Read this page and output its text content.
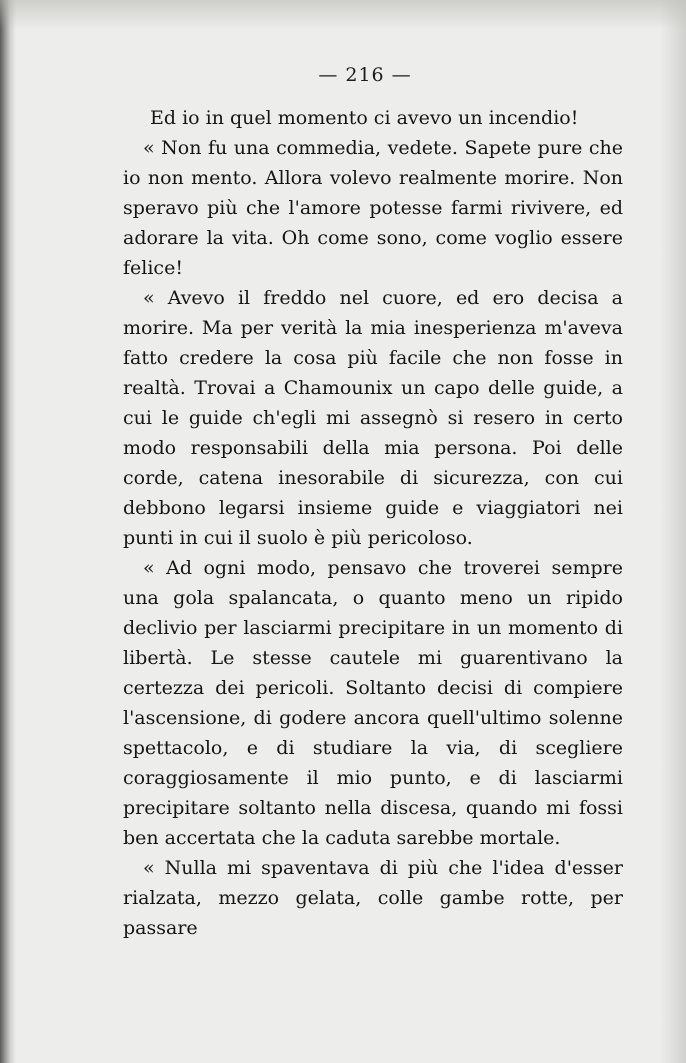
— 216 —

Ed io in quel momento ci avevo un incendio!

« Non fu una commedia, vedete. Sapete pure che io non mento. Allora volevo realmente morire. Non speravo più che l'amore potesse farmi rivivere, ed adorare la vita. Oh come sono, come voglio essere felice!

« Avevo il freddo nel cuore, ed ero decisa a morire. Ma per verità la mia inesperienza m'aveva fatto credere la cosa più facile che non fosse in realtà. Trovai a Chamounix un capo delle guide, a cui le guide ch'egli mi assegnò si resero in certo modo responsabili della mia persona. Poi delle corde, catena inesorabile di sicurezza, con cui debbono legarsi insieme guide e viaggiatori nei punti in cui il suolo è più pericoloso.

« Ad ogni modo, pensavo che troverei sempre una gola spalancata, o quanto meno un ripido declivio per lasciarmi precipitare in un momento di libertà. Le stesse cautele mi guarentivano la certezza dei pericoli. Soltanto decisi di compiere l'ascensione, di godere ancora quell'ultimo solenne spettacolo, e di studiare la via, di scegliere coraggiosamente il mio punto, e di lasciarmi precipitare soltanto nella discesa, quando mi fossi ben accertata che la caduta sarebbe mortale.

« Nulla mi spaventava di più che l'idea d'esser rialzata, mezzo gelata, colle gambe rotte, per passare
